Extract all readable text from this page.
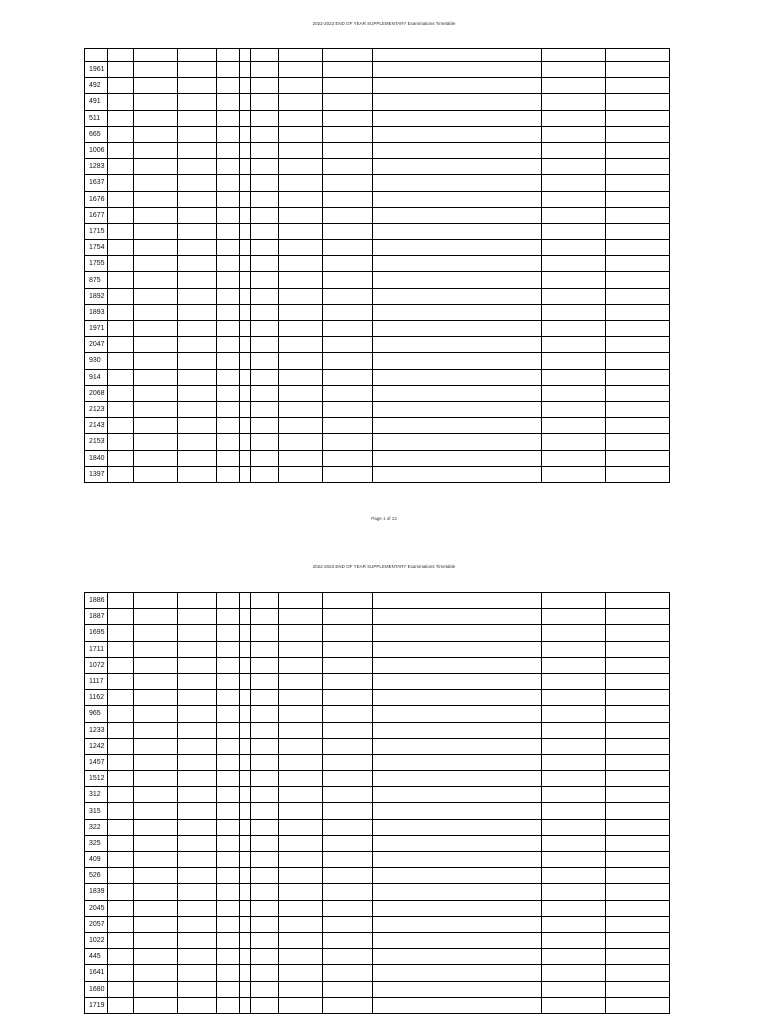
2022-2023 END OF YEAR SUPPLEMENTARY Examinations Timetable

1961											
492											
491											
511											
665											
1006											
1283											
1637											
1676											
1677											
1715											
1754											
1755											
875											
1892											
1893											
1971											
2047											
930											
914											
2068											
2123											
2143											
2153											
1840											
1397											
Page 1 of 13
2022-2023 END OF YEAR SUPPLEMENTARY Examinations Timetable
1886											
1887											
1695											
1711											
1072											
1117											
1162											
965											
1233											
1242											
1457											
1512											
312											
315											
322											
325											
409											
526											
1839											
2045											
2057											
1022											
445											
1641											
1680											
1719											
